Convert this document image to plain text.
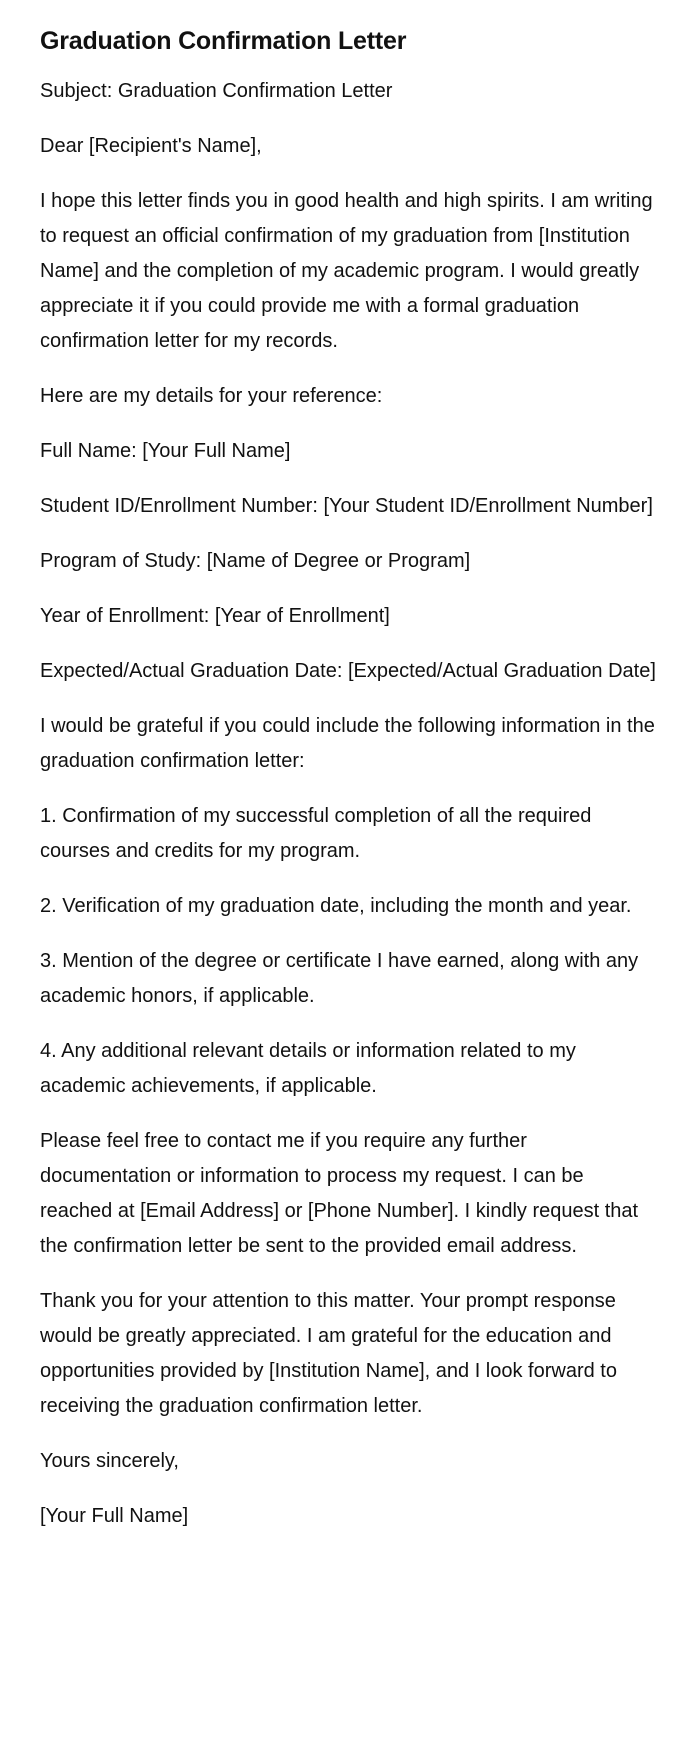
Graduation Confirmation Letter

Subject: Graduation Confirmation Letter

Dear [Recipient's Name],

I hope this letter finds you in good health and high spirits. I am writing to request an official confirmation of my graduation from [Institution Name] and the completion of my academic program. I would greatly appreciate it if you could provide me with a formal graduation confirmation letter for my records.

Here are my details for your reference:

Full Name: [Your Full Name]

Student ID/Enrollment Number: [Your Student ID/Enrollment Number]

Program of Study: [Name of Degree or Program]

Year of Enrollment: [Year of Enrollment]

Expected/Actual Graduation Date: [Expected/Actual Graduation Date]

I would be grateful if you could include the following information in the graduation confirmation letter:

1. Confirmation of my successful completion of all the required courses and credits for my program.

2. Verification of my graduation date, including the month and year.

3. Mention of the degree or certificate I have earned, along with any academic honors, if applicable.

4. Any additional relevant details or information related to my academic achievements, if applicable.

Please feel free to contact me if you require any further documentation or information to process my request. I can be reached at [Email Address] or [Phone Number]. I kindly request that the confirmation letter be sent to the provided email address.

Thank you for your attention to this matter. Your prompt response would be greatly appreciated. I am grateful for the education and opportunities provided by [Institution Name], and I look forward to receiving the graduation confirmation letter.

Yours sincerely,

[Your Full Name]
